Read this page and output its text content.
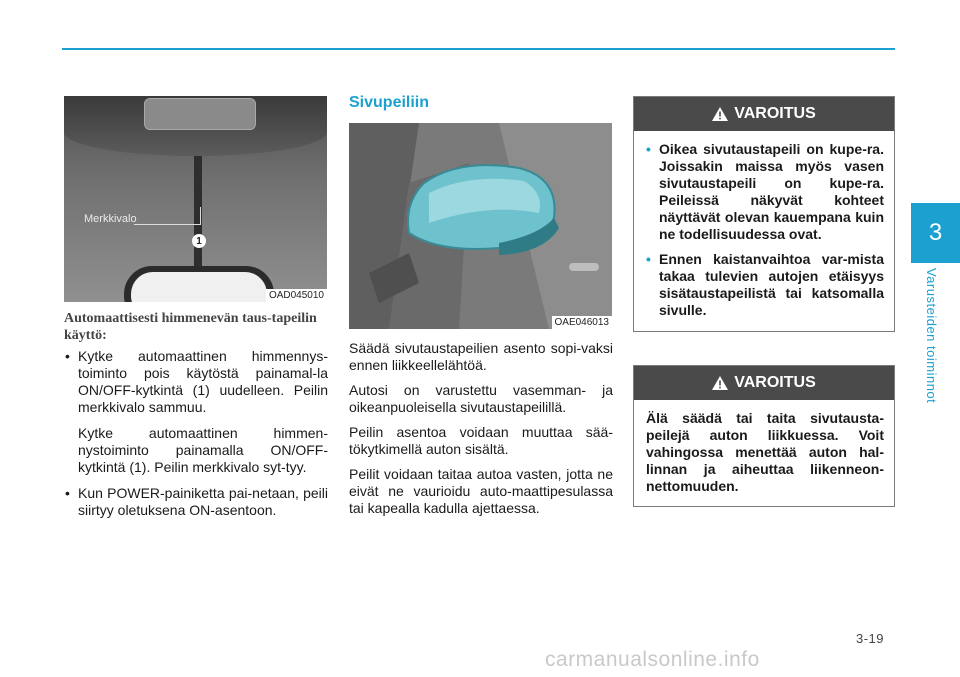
3
Varusteiden toiminnot
Merkkivalo
1
OAD045010
Automaattisesti himmenevän taus-tapeilin käyttö:
• Kytke automaattinen himmennys-toiminto pois käytöstä painamal-la ON/OFF-kytkintä (1) uudelleen. Peilin merkkivalo sammuu.
Kytke automaattinen himmen-nystoiminto painamalla ON/OFF-kytkintä (1). Peilin merkkivalo syt-tyy.
• Kun POWER-painiketta pai-netaan, peili siirtyy oletuksena ON-asentoon.
Sivupeiliin
OAE046013

Säädä sivutaustapeilien asento sopi-vaksi ennen liikkeellelähtöä.

Autosi on varustettu vasemman- ja oikeanpuoleisella sivutaustapeilillä.

Peilin asentoa voidaan muuttaa sää-tökytkimellä auton sisältä.

Peilit voidaan taitaa autoa vasten, jotta ne eivät ne vaurioidu auto-maattipesulassa tai kapealla kadulla ajettaessa.

VAROITUS
• Oikea sivutaustapeili on kupe-ra. Joissakin maissa myös vasen sivutaustapeili on kupe-ra. Peileissä näkyvät kohteet näyttävät olevan kauempana kuin ne todellisuudessa ovat.
• Ennen kaistanvaihtoa var-mista takaa tulevien autojen etäisyys sisätaustapeilistä tai katsomalla sivulle.
VAROITUS

Älä säädä tai taita sivutausta-peilejä auton liikkuessa. Voit vahingossa menettää auton hal-linnan ja aiheuttaa liikenneon-nettomuuden.

3-19
carmanualsonline.info
